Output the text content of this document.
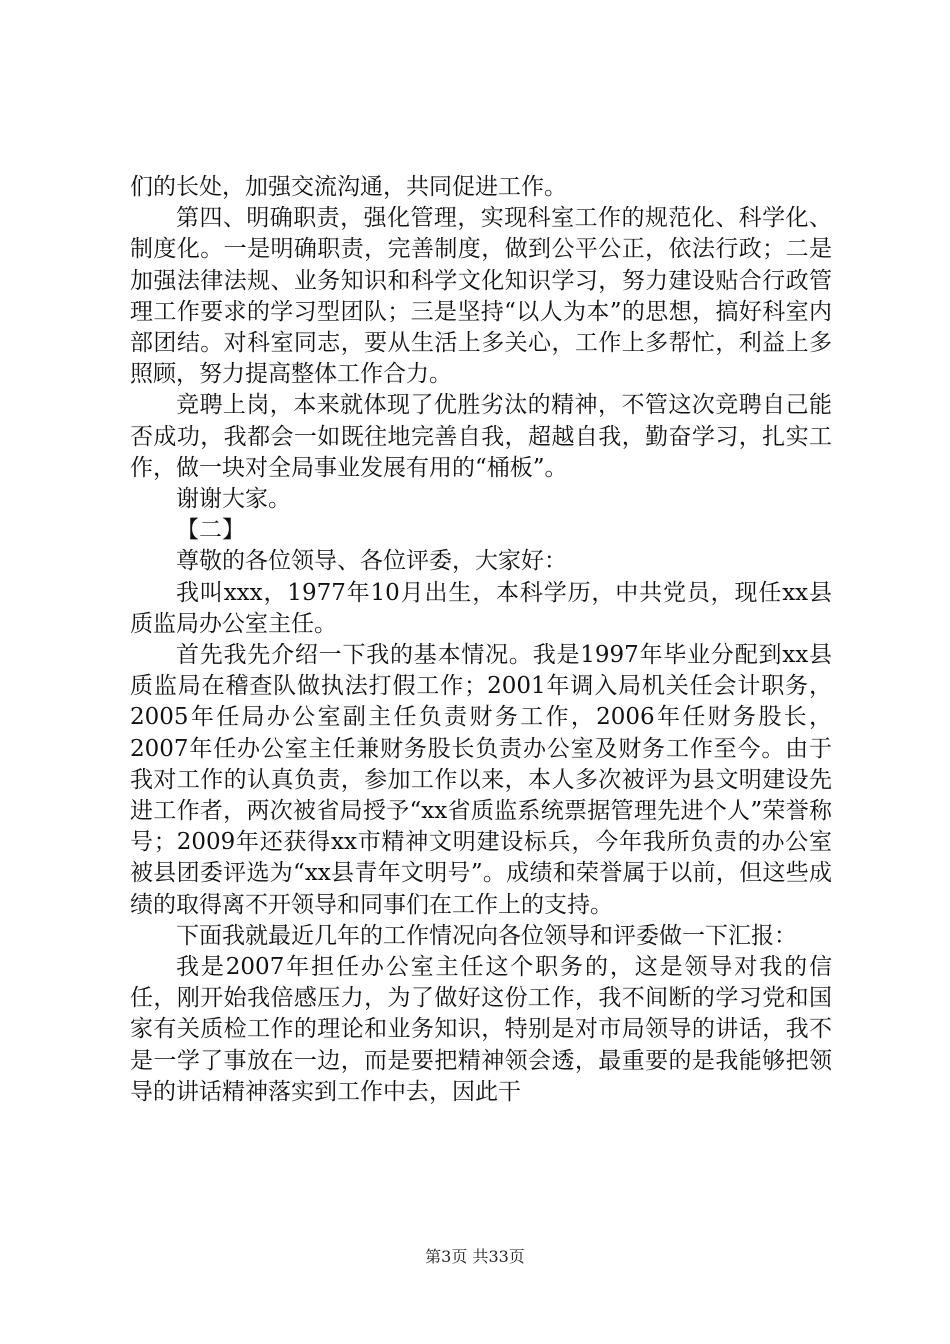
们的长处，加强交流沟通，共同促进工作。

第四、明确职责，强化管理，实现科室工作的规范化、科学化、制度化。一是明确职责，完善制度，做到公平公正，依法行政；二是加强法律法规、业务知识和科学文化知识学习，努力建设贴合行政管理工作要求的学习型团队；三是坚持“以人为本”的思想，搞好科室内部团结。对科室同志，要从生活上多关心，工作上多帮忙，利益上多照顾，努力提高整体工作合力。

竞聘上岗，本来就体现了优胜劣汰的精神，不管这次竞聘自己能否成功，我都会一如既往地完善自我，超越自我，勤奋学习，扎实工作，做一块对全局事业发展有用的“桶板”。

谢谢大家。

【二】

尊敬的各位领导、各位评委，大家好：

我叫xxx，1977年10月出生，本科学历，中共党员，现任xx县质监局办公室主任。

首先我先介绍一下我的基本情况。我是1997年毕业分配到xx县质监局在稽查队做执法打假工作；2001年调入局机关任会计职务，2005年任局办公室副主任负责财务工作，2006年任财务股长，2007年任办公室主任兼财务股长负责办公室及财务工作至今。由于我对工作的认真负责，参加工作以来，本人多次被评为县文明建设先进工作者，两次被省局授予“xx省质监系统票据管理先进个人”荣誉称号；2009年还获得xx市精神文明建设标兵，今年我所负责的办公室被县团委评选为“xx县青年文明号”。成绩和荣誉属于以前，但这些成绩的取得离不开领导和同事们在工作上的支持。

下面我就最近几年的工作情况向各位领导和评委做一下汇报：

我是2007年担任办公室主任这个职务的，这是领导对我的信任，刚开始我倍感压力，为了做好这份工作，我不间断的学习党和国家有关质检工作的理论和业务知识，特别是对市局领导的讲话，我不是一学了事放在一边，而是要把精神领会透，最重要的是我能够把领导的讲话精神落实到工作中去，因此干

第3页 共33页
